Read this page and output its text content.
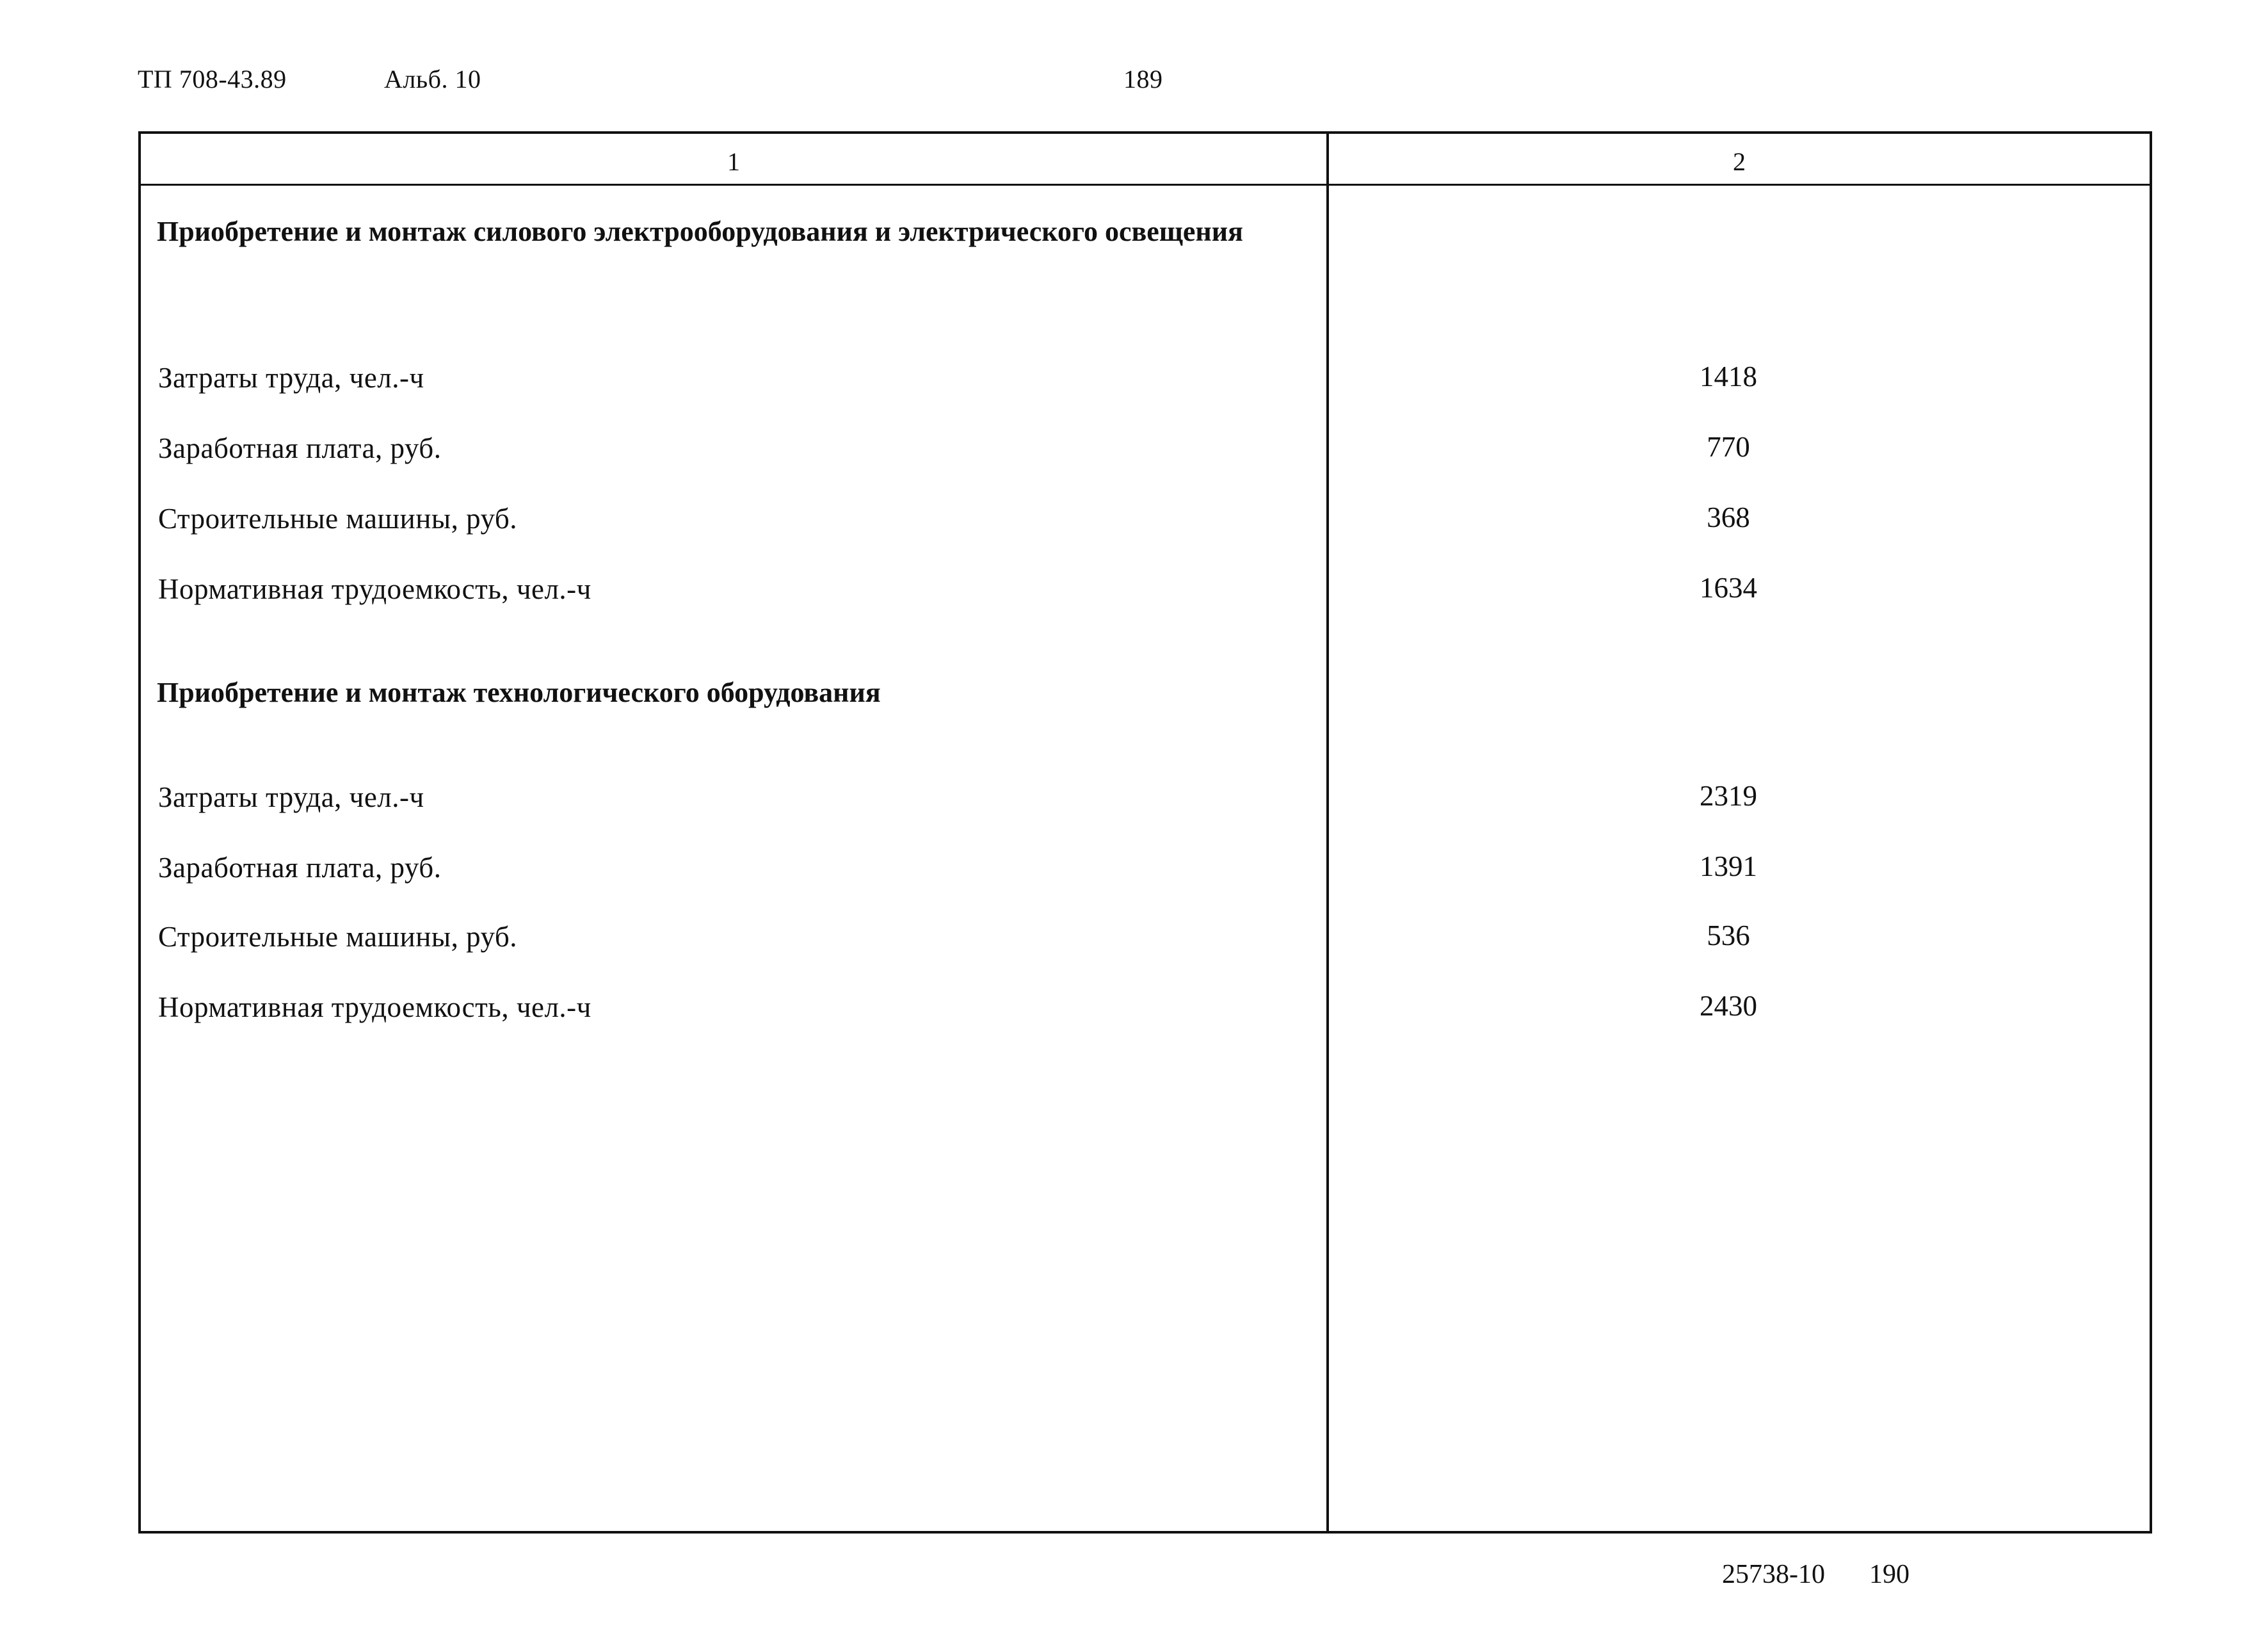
ТП 708-43.89	Альб. 10	189
1	2
Приобретение и монтаж силового электрооборудования и электрического освещения
Затраты труда, чел.-ч	1418
Заработная плата, руб.	770
Строительные машины, руб.	368
Нормативная трудоемкость, чел.-ч	1634
Приобретение и монтаж технологического оборудования
Затраты труда, чел.-ч	2319
Заработная плата, руб.	1391
Строительные машины, руб.	536
Нормативная трудоемкость, чел.-ч	2430
25738-10 190
